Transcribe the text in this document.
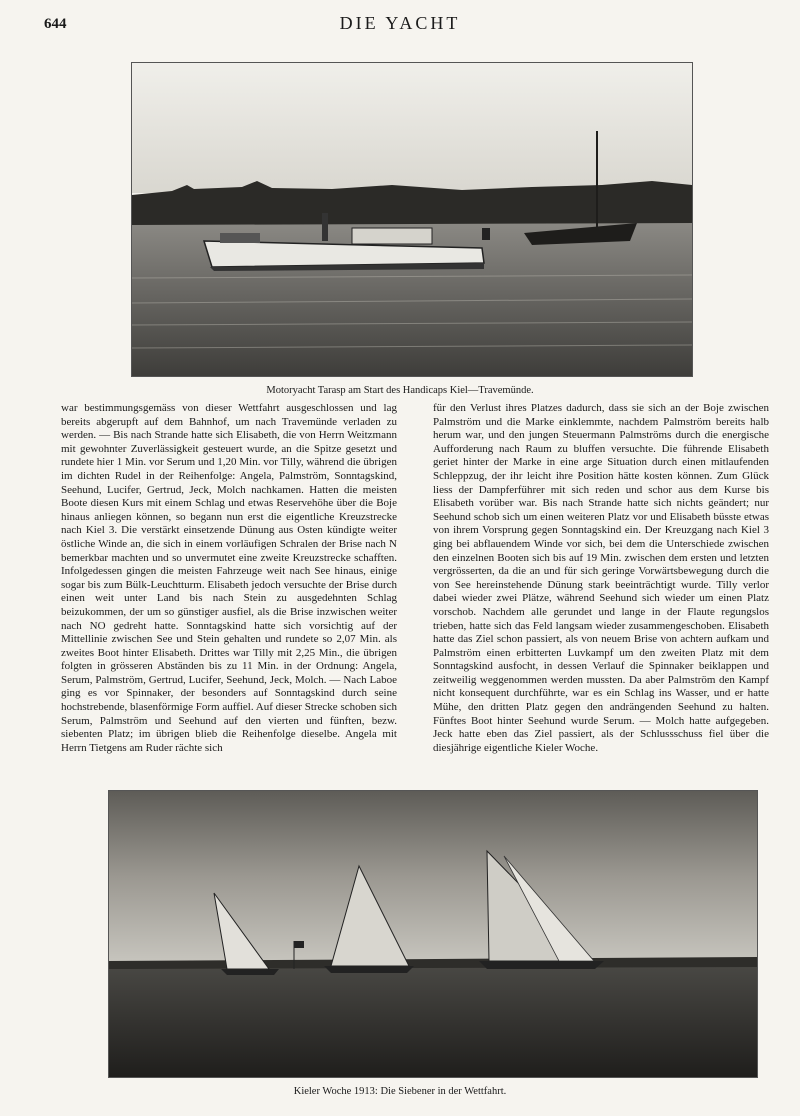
644	DIE YACHT
Motoryacht Tarasp am Start des Handicaps Kiel—Travemünde.
war bestimmungsgemäss von dieser Wettfahrt ausgeschlossen und lag bereits abgerupft auf dem Bahnhof, um nach Travemünde verladen zu werden. — Bis nach Strande hatte sich Elisabeth, die von Herrn Weitzmann mit gewohnter Zuverlässigkeit gesteuert wurde, an die Spitze gesetzt und rundete hier 1 Min. vor Serum und 1,20 Min. vor Tilly, während die übrigen im dichten Rudel in der Reihenfolge: Angela, Palmström, Sonntagskind, Seehund, Lucifer, Gertrud, Jeck, Molch nachkamen. Hatten die meisten Boote diesen Kurs mit einem Schlag und etwas Reservehöhe über die Boje hinaus anliegen können, so begann nun erst die eigentliche Kreuzstrecke nach Kiel 3. Die verstärkt einsetzende Dünung aus Osten kündigte weiter östliche Winde an, die sich in einem vorläufigen Schralen der Brise nach N bemerkbar machten und so unvermutet eine zweite Kreuzstrecke schafften. Infolgedessen gingen die meisten Fahrzeuge weit nach See hinaus, einige sogar bis zum Bülk-Leuchtturm. Elisabeth jedoch versuchte der Brise durch einen weit unter Land bis nach Stein zu ausgedehnten Schlag beizukommen, der um so günstiger ausfiel, als die Brise inzwischen weiter nach NO gedreht hatte. Sonntagskind hatte sich vorsichtig auf der Mittellinie zwischen See und Stein gehalten und rundete so 2,07 Min. als zweites Boot hinter Elisabeth. Drittes war Tilly mit 2,25 Min., die übrigen folgten in grösseren Abständen bis zu 11 Min. in der Ordnung: Angela, Serum, Palmström, Gertrud, Lucifer, Seehund, Jeck, Molch. — Nach Laboe ging es vor Spinnaker, der besonders auf Sonntagskind durch seine hochstrebende, blasenförmige Form auffiel. Auf dieser Strecke schoben sich Serum, Palmström und Seehund auf den vierten und fünften, bezw. siebenten Platz; im übrigen blieb die Reihenfolge dieselbe. Angela mit Herrn Tietgens am Ruder rächte sich
für den Verlust ihres Platzes dadurch, dass sie sich an der Boje zwischen Palmström und die Marke einklemmte, nachdem Palmström bereits halb herum war, und den jungen Steuermann Palmströms durch die energische Aufforderung nach Raum zu bluffen versuchte. Die führende Elisabeth geriet hinter der Marke in eine arge Situation durch einen mitlaufenden Schleppzug, der ihr leicht ihre Position hätte kosten können. Zum Glück liess der Dampferführer mit sich reden und schor aus dem Kurse bis Elisabeth vorüber war. Bis nach Strande hatte sich nichts geändert; nur Seehund schob sich um einen weiteren Platz vor und Elisabeth büsste etwas von ihrem Vorsprung gegen Sonntagskind ein. Der Kreuzgang nach Kiel 3 ging bei abflauendem Winde vor sich, bei dem die Unterschiede zwischen den einzelnen Booten sich bis auf 19 Min. zwischen dem ersten und letzten vergrösserten, da die an und für sich geringe Vorwärtsbewegung durch die von See hereinstehende Dünung stark beeinträchtigt wurde. Tilly verlor dabei wieder zwei Plätze, während Seehund sich wieder um einen Platz vorschob. Nachdem alle gerundet und lange in der Flaute regungslos trieben, hatte sich das Feld langsam wieder zusammengeschoben. Elisabeth hatte das Ziel schon passiert, als von neuem Brise von achtern aufkam und Palmström einen erbitterten Luvkampf um den zweiten Platz mit dem Sonntagskind ausfocht, in dessen Verlauf die Spinnaker beiklappen und zeitweilig weggenommen werden mussten. Da aber Palmström den Kampf nicht konsequent durchführte, war es ein Schlag ins Wasser, und er hatte Mühe, den dritten Platz gegen den andrängenden Seehund zu halten. Fünftes Boot hinter Seehund wurde Serum. — Molch hatte aufgegeben. Jeck hatte eben das Ziel passiert, als der Schlussschuss fiel über die diesjährige eigentliche Kieler Woche.
Kieler Woche 1913: Die Siebener in der Wettfahrt.
